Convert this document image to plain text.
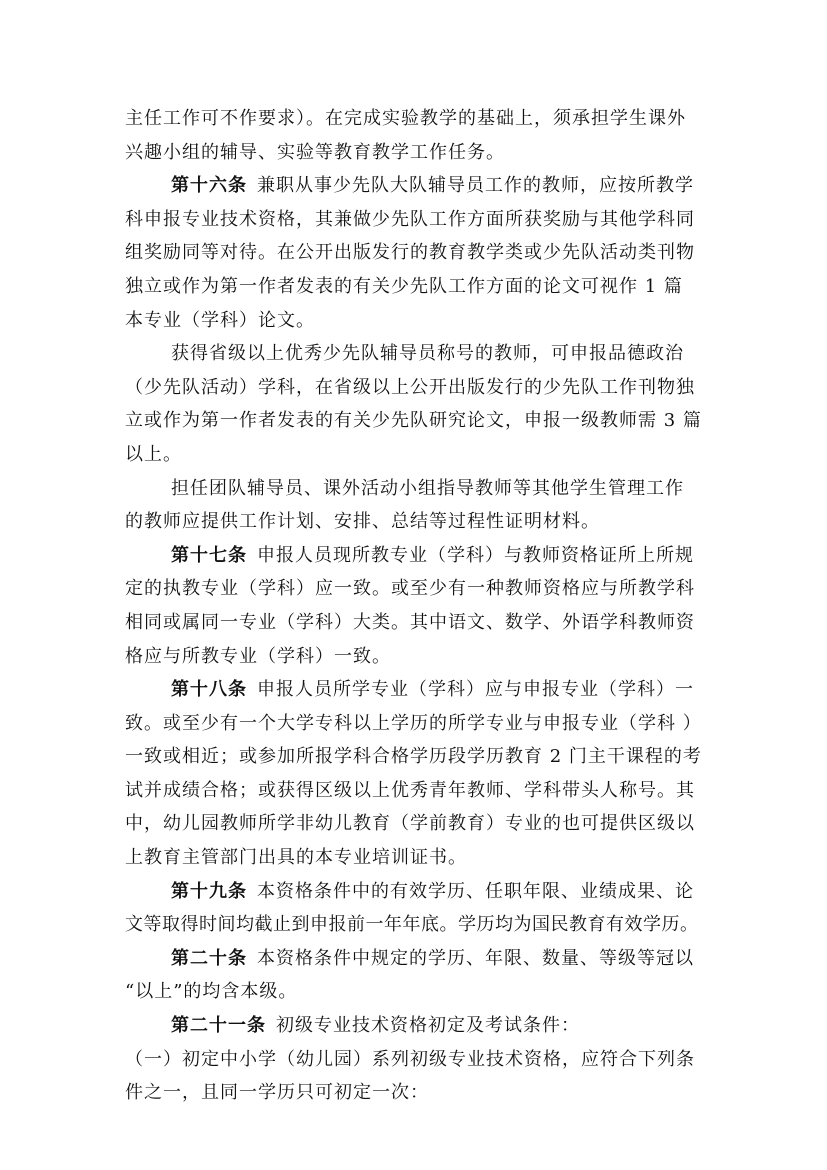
主任工作可不作要求）。在完成实验教学的基础上，须承担学生课外
兴趣小组的辅导、实验等教育教学工作任务。
第十六条 兼职从事少先队大队辅导员工作的教师，应按所教学
科申报专业技术资格，其兼做少先队工作方面所获奖励与其他学科同
组奖励同等对待。在公开出版发行的教育教学类或少先队活动类刊物
独立或作为第一作者发表的有关少先队工作方面的论文可视作 1 篇
本专业（学科）论文。
获得省级以上优秀少先队辅导员称号的教师，可申报品德政治
（少先队活动）学科，在省级以上公开出版发行的少先队工作刊物独
立或作为第一作者发表的有关少先队研究论文，申报一级教师需 3 篇
以上。
担任团队辅导员、课外活动小组指导教师等其他学生管理工作
的教师应提供工作计划、安排、总结等过程性证明材料。
第十七条 申报人员现所教专业（学科）与教师资格证所上所规
定的执教专业（学科）应一致。或至少有一种教师资格应与所教学科
相同或属同一专业（学科）大类。其中语文、数学、外语学科教师资
格应与所教专业（学科）一致。
第十八条 申报人员所学专业（学科）应与申报专业（学科）一
致。或至少有一个大学专科以上学历的所学专业与申报专业（学科 ）
一致或相近；或参加所报学科合格学历段学历教育 2 门主干课程的考
试并成绩合格；或获得区级以上优秀青年教师、学科带头人称号。其
中，幼儿园教师所学非幼儿教育（学前教育）专业的也可提供区级以
上教育主管部门出具的本专业培训证书。
第十九条 本资格条件中的有效学历、任职年限、业绩成果、论
文等取得时间均截止到申报前一年年底。学历均为国民教育有效学历。
第二十条 本资格条件中规定的学历、年限、数量、等级等冠以
“以上”的均含本级。
第二十一条 初级专业技术资格初定及考试条件：
（一）初定中小学（幼儿园）系列初级专业技术资格，应符合下列条
件之一，且同一学历只可初定一次：
